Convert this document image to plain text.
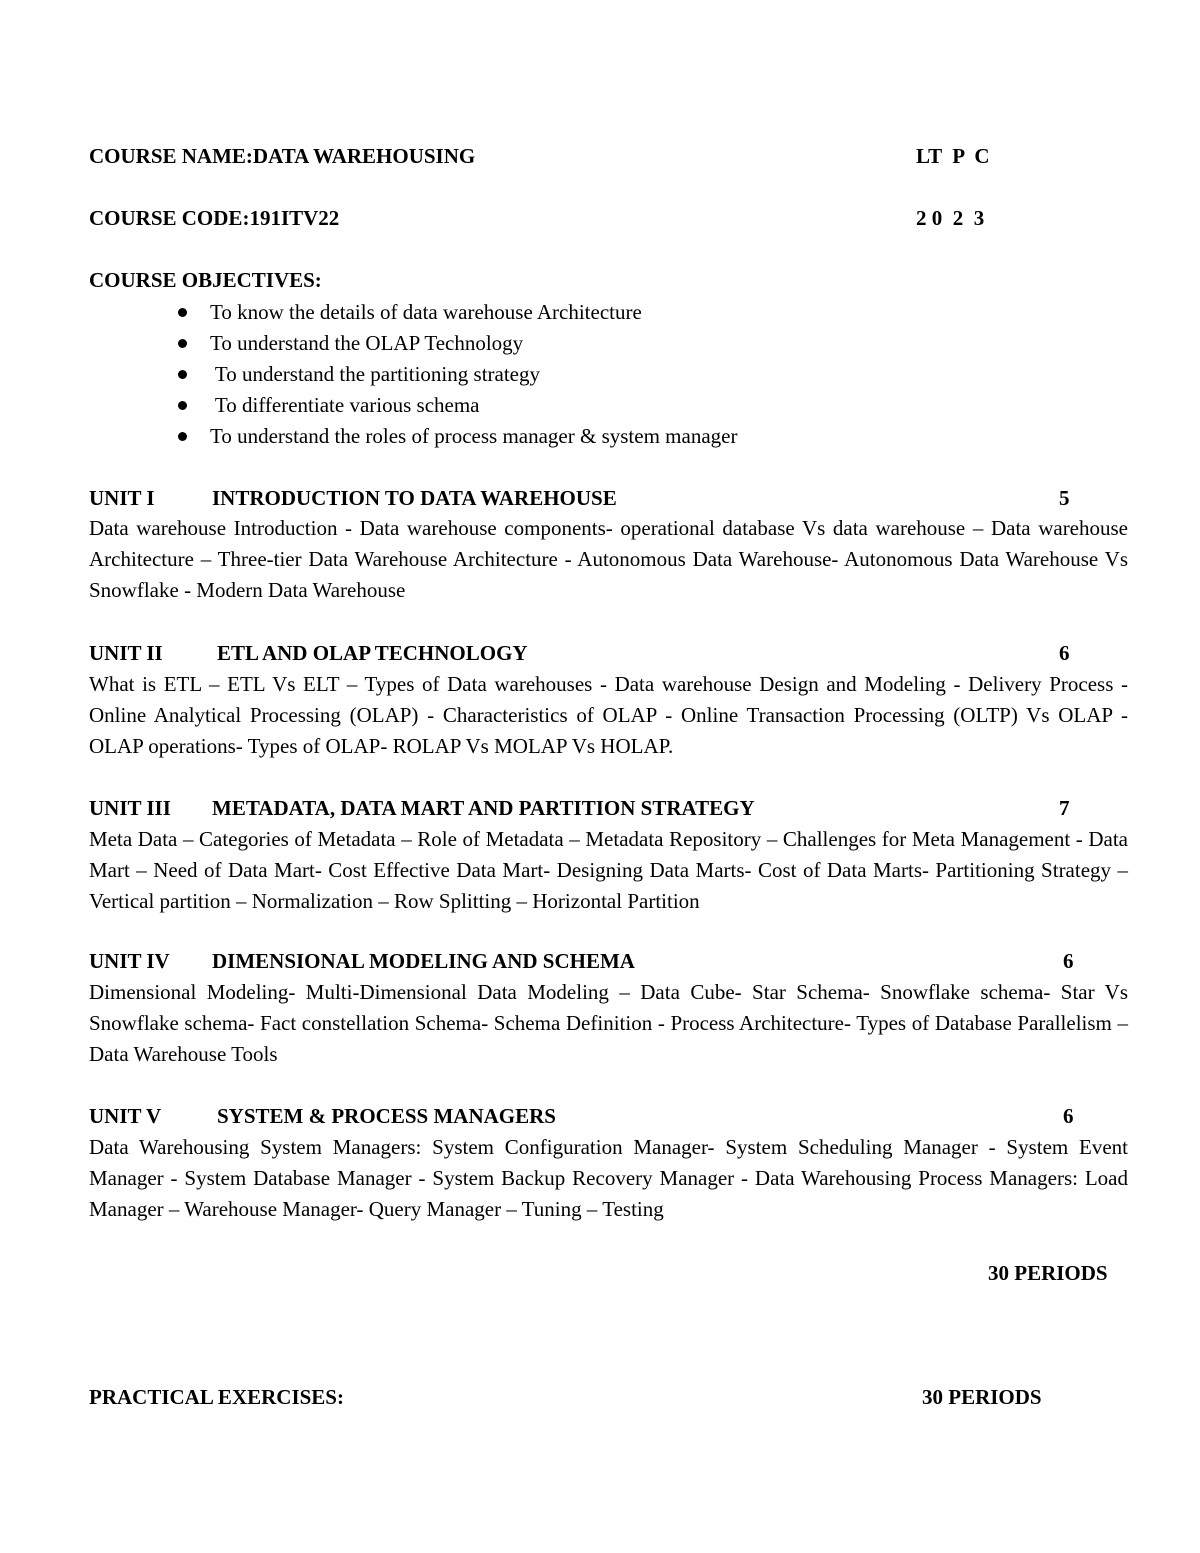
COURSE NAME:DATA WAREHOUSING	LT  P  C
COURSE CODE:191ITV22	2 0  2  3
COURSE OBJECTIVES:
To know the details of data warehouse Architecture
To understand the OLAP Technology
To understand the partitioning strategy
To differentiate various schema
To understand the roles of process manager & system manager
UNIT I	INTRODUCTION TO DATA WAREHOUSE	5

Data warehouse Introduction - Data warehouse components- operational database Vs data warehouse – Data warehouse Architecture – Three-tier Data Warehouse Architecture - Autonomous Data Warehouse- Autonomous Data Warehouse Vs Snowflake - Modern Data Warehouse

UNIT II	ETL AND OLAP TECHNOLOGY	6

What is ETL – ETL Vs ELT – Types of Data warehouses - Data warehouse Design and Modeling - Delivery Process - Online Analytical Processing (OLAP) - Characteristics of OLAP - Online Transaction Processing (OLTP) Vs OLAP - OLAP operations- Types of OLAP- ROLAP Vs MOLAP Vs HOLAP.

UNIT III METADATA, DATA MART AND PARTITION STRATEGY	7

Meta Data – Categories of Metadata – Role of Metadata – Metadata Repository – Challenges for Meta Management - Data Mart – Need of Data Mart- Cost Effective Data Mart- Designing Data Marts- Cost of Data Marts- Partitioning Strategy – Vertical partition – Normalization – Row Splitting – Horizontal Partition

UNIT IV DIMENSIONAL MODELING AND SCHEMA	6

Dimensional Modeling- Multi-Dimensional Data Modeling – Data Cube- Star Schema- Snowflake schema- Star Vs Snowflake schema- Fact constellation Schema- Schema Definition - Process Architecture- Types of Database Parallelism – Data Warehouse Tools

UNIT V	SYSTEM & PROCESS MANAGERS	6

Data Warehousing System Managers: System Configuration Manager- System Scheduling Manager - System Event Manager - System Database Manager - System Backup Recovery Manager - Data Warehousing Process Managers: Load Manager – Warehouse Manager- Query Manager – Tuning – Testing

30 PERIODS
PRACTICAL EXERCISES:	30 PERIODS
